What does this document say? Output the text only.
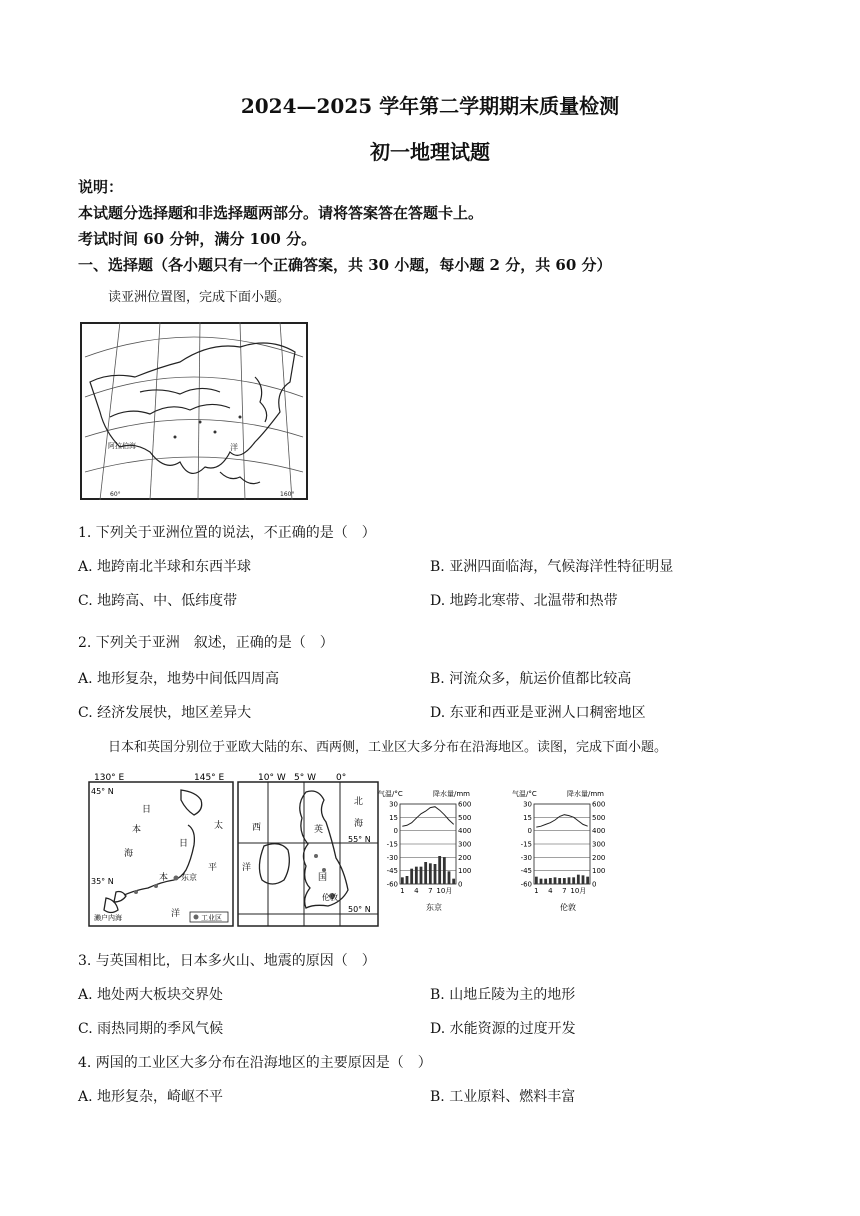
2024—2025 学年第二学期期末质量检测
初一地理试题
说明：
本试题分选择题和非选择题两部分。请将答案答在答题卡上。
考试时间 60 分钟，满分 100 分。
一、选择题（各小题只有一个正确答案，共 30 小题，每小题 2 分，共 60 分）
读亚洲位置图，完成下面小题。
阿拉伯海	洋
60°	160°
1. 下列关于亚洲位置的说法，不正确的是（　）
A. 地跨南北半球和东西半球	B. 亚洲四面临海，气候海洋性特征明显
C. 地跨高、中、低纬度带	D. 地跨北寒带、北温带和热带
2. 下列关于亚洲　叙述，正确的是（　）
A. 地形复杂，地势中间低四周高	B. 河流众多，航运价值都比较高
C. 经济发展快，地区差异大	D. 东亚和西亚是亚洲人口稠密地区
日本和英国分别位于亚欧大陆的东、西两侧，工业区大多分布在沿海地区。读图，完成下面小题。
130° E	145° E
45° N
35° N
日
本
海
日
本 东京
太
平
洋
濑户内海	工业区
10° W 5° W 0°
55° N
50° N
英
国
北
海
西
洋
伦敦
气温/°C	降水量/mm
30
15
0
-15
-30
-45
-60
600
500
400
300
200
100
0
1 4 7 10月
东京
气温/°C	降水量/mm
30
15
0
-15
-30
-45
-60
600
500
400
300
200
100
0
1 4 7 10月
伦敦
3. 与英国相比，日本多火山、地震的原因（　）
A. 地处两大板块交界处	B. 山地丘陵为主的地形
C. 雨热同期的季风气候	D. 水能资源的过度开发
4. 两国的工业区大多分布在沿海地区的主要原因是（　）
A. 地形复杂，崎岖不平	B. 工业原料、燃料丰富
